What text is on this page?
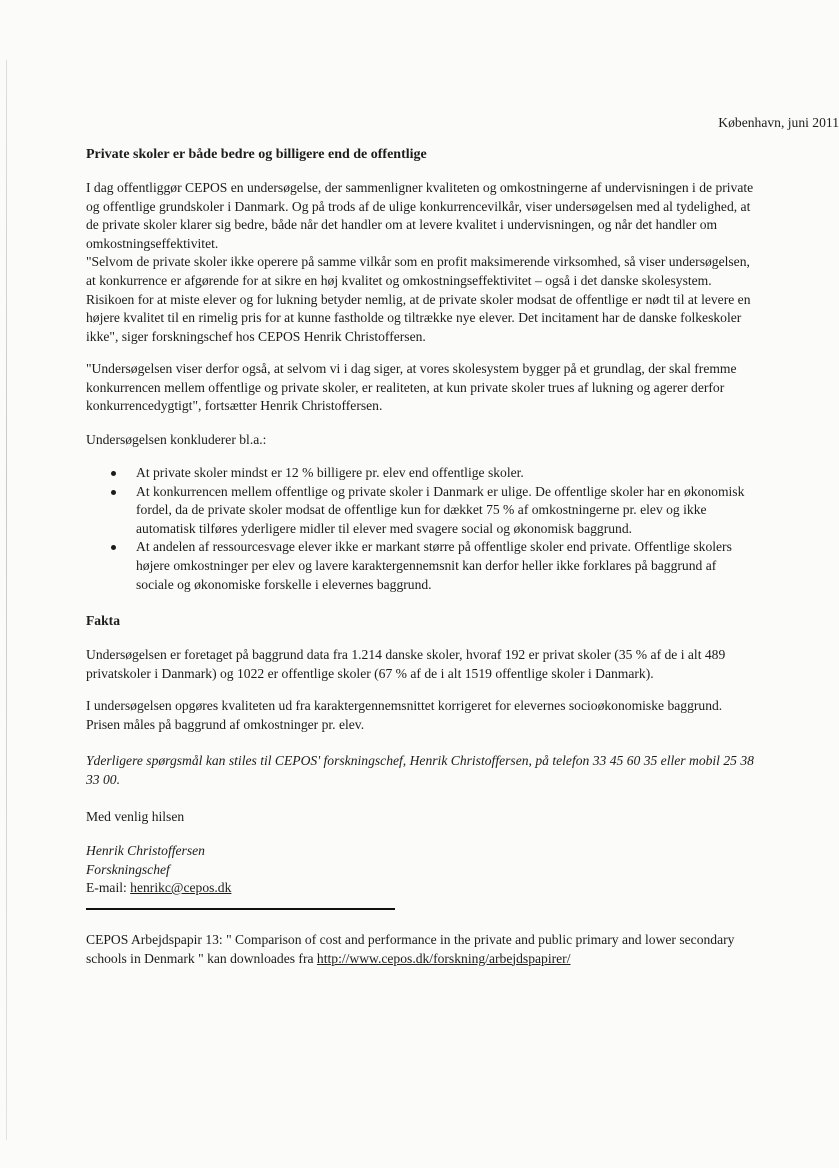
København, juni 2011
Private skoler er både bedre og billigere end de offentlige
I dag offentliggør CEPOS en undersøgelse, der sammenligner kvaliteten og omkostningerne af undervisningen i de private og offentlige grundskoler i Danmark. Og på trods af de ulige konkurrencevilkår, viser undersøgelsen med al tydelighed, at de private skoler klarer sig bedre, både når det handler om at levere kvalitet i undervisningen, og når det handler om omkostningseffektivitet.
"Selvom de private skoler ikke operere på samme vilkår som en profit maksimerende virksomhed, så viser undersøgelsen, at konkurrence er afgørende for at sikre en høj kvalitet og omkostningseffektivitet – også i det danske skolesystem. Risikoen for at miste elever og for lukning betyder nemlig, at de private skoler modsat de offentlige er nødt til at levere en højere kvalitet til en rimelig pris for at kunne fastholde og tiltrække nye elever. Det incitament har de danske folkeskoler ikke", siger forskningschef hos CEPOS Henrik Christoffersen.

"Undersøgelsen viser derfor også, at selvom vi i dag siger, at vores skolesystem bygger på et grundlag, der skal fremme konkurrencen mellem offentlige og private skoler, er realiteten, at kun private skoler trues af lukning og agerer derfor konkurrencedygtigt", fortsætter Henrik Christoffersen.

Undersøgelsen konkluderer bl.a.:

At private skoler mindst er 12 % billigere pr. elev end offentlige skoler.
At konkurrencen mellem offentlige og private skoler i Danmark er ulige. De offentlige skoler har en økonomisk fordel, da de private skoler modsat de offentlige kun for dækket 75 % af omkostningerne pr. elev og ikke automatisk tilføres yderligere midler til elever med svagere social og økonomisk baggrund.
At andelen af ressourcesvage elever ikke er markant større på offentlige skoler end private. Offentlige skolers højere omkostninger per elev og lavere karaktergennemsnit kan derfor heller ikke forklares på baggrund af sociale og økonomiske forskelle i elevernes baggrund.
Fakta

Undersøgelsen er foretaget på baggrund data fra 1.214 danske skoler, hvoraf 192 er privat skoler (35 % af de i alt 489 privatskoler i Danmark) og 1022 er offentlige skoler (67 % af de i alt 1519 offentlige skoler i Danmark).

I undersøgelsen opgøres kvaliteten ud fra karaktergennemsnittet korrigeret for elevernes socioøkonomiske baggrund. Prisen måles på baggrund af omkostninger pr. elev.

Yderligere spørgsmål kan stiles til CEPOS' forskningschef, Henrik Christoffersen, på telefon 33 45 60 35 eller mobil 25 38 33 00.

Med venlig hilsen
Henrik Christoffersen
Forskningschef
E-mail: henrikc@cepos.dk

CEPOS Arbejdspapir 13: " Comparison of cost and performance in the private and public primary and lower secondary schools in Denmark " kan downloades fra http://www.cepos.dk/forskning/arbejdspapirer/
